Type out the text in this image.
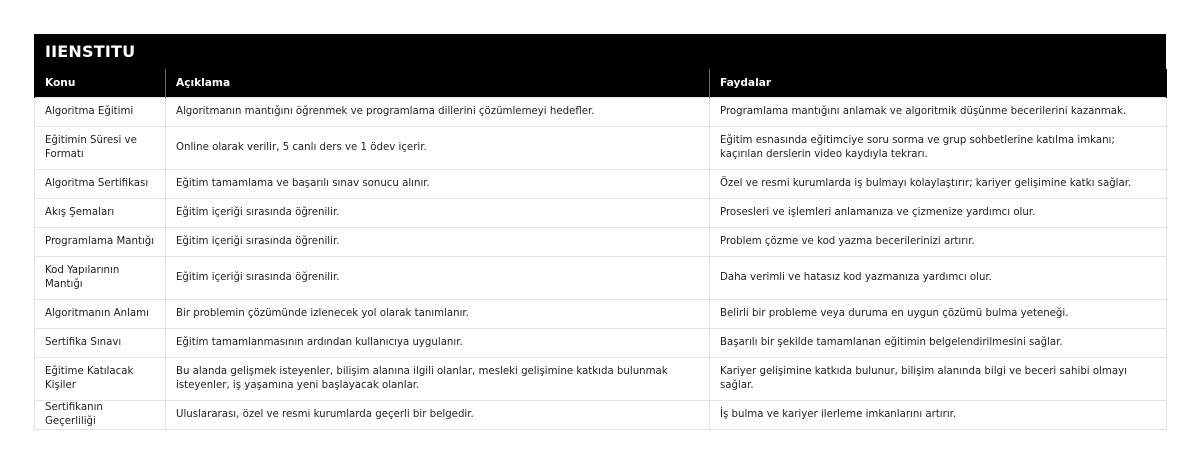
IIENSTITU
Konu	Açıklama	Faydalar
Algoritma Eğitimi	Algoritmanın mantığını öğrenmek ve programlama dillerini çözümlemeyi hedefler.	Programlama mantığını anlamak ve algoritmik düşünme becerilerini kazanmak.
Eğitimin Süresi ve Formatı	Online olarak verilir, 5 canlı ders ve 1 ödev içerir.	Eğitim esnasında eğitimciye soru sorma ve grup sohbetlerine katılma imkanı; kaçırılan derslerin video kaydıyla tekrarı.
Algoritma Sertifikası	Eğitim tamamlama ve başarılı sınav sonucu alınır.	Özel ve resmi kurumlarda iş bulmayı kolaylaştırır; kariyer gelişimine katkı sağlar.
Akış Şemaları	Eğitim içeriği sırasında öğrenilir.	Prosesleri ve işlemleri anlamanıza ve çizmenize yardımcı olur.
Programlama Mantığı	Eğitim içeriği sırasında öğrenilir.	Problem çözme ve kod yazma becerilerinizi artırır.
Kod Yapılarının Mantığı	Eğitim içeriği sırasında öğrenilir.	Daha verimli ve hatasız kod yazmanıza yardımcı olur.
Algoritmanın Anlamı	Bir problemin çözümünde izlenecek yol olarak tanımlanır.	Belirli bir probleme veya duruma en uygun çözümü bulma yeteneği.
Sertifika Sınavı	Eğitim tamamlanmasının ardından kullanıcıya uygulanır.	Başarılı bir şekilde tamamlanan eğitimin belgelendirilmesini sağlar.
Eğitime Katılacak Kişiler	Bu alanda gelişmek isteyenler, bilişim alanına ilgili olanlar, mesleki gelişimine katkıda bulunmak isteyenler, iş yaşamına yeni başlayacak olanlar.	Kariyer gelişimine katkıda bulunur, bilişim alanında bilgi ve beceri sahibi olmayı sağlar.
Sertifikanın Geçerliliği	Uluslararası, özel ve resmi kurumlarda geçerli bir belgedir.	İş bulma ve kariyer ilerleme imkanlarını artırır.
